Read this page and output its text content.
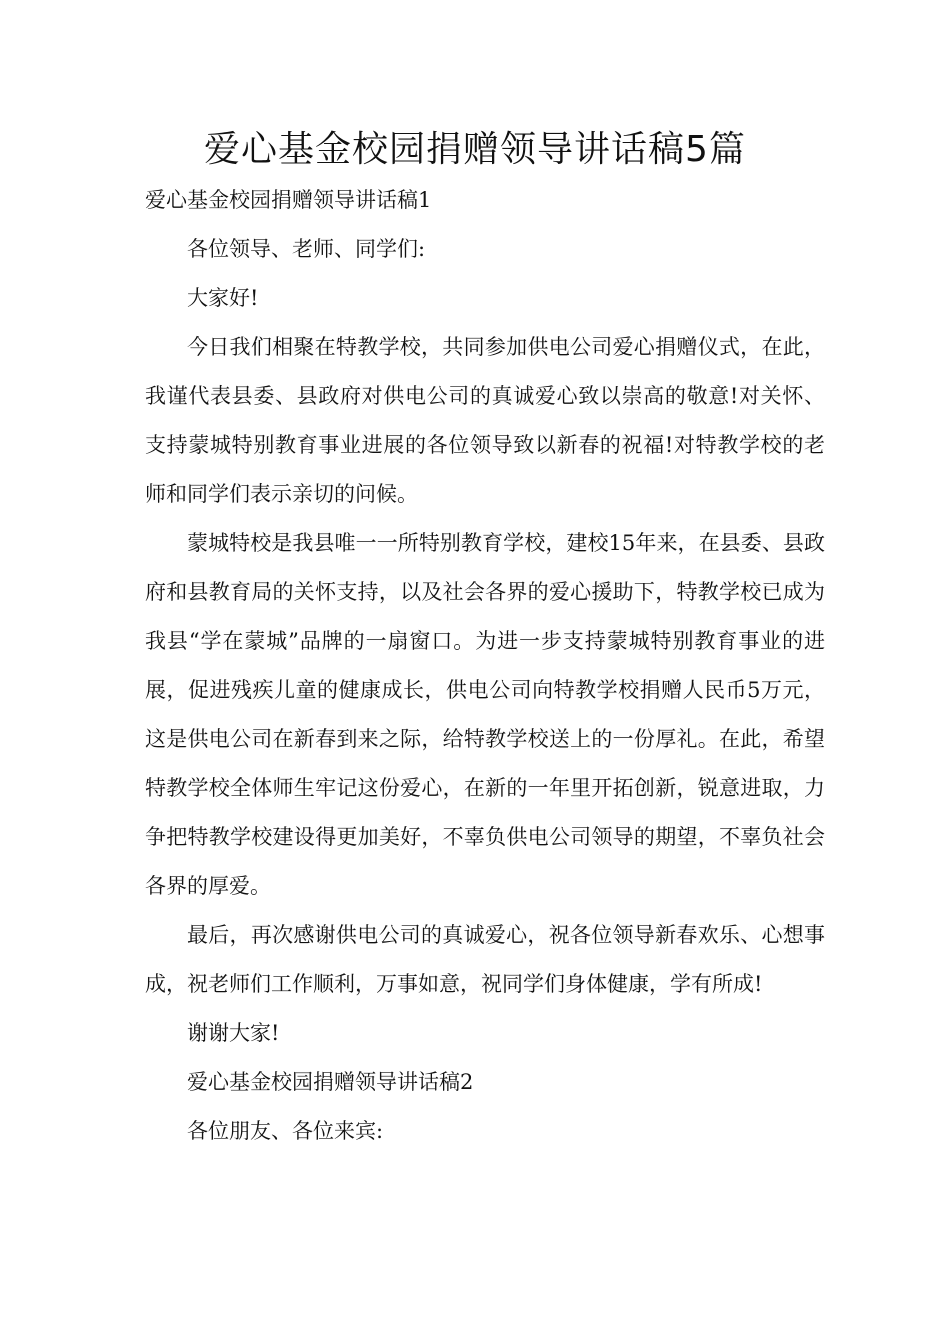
爱心基金校园捐赠领导讲话稿5篇

爱心基金校园捐赠领导讲话稿1

各位领导、老师、同学们:

大家好!

今日我们相聚在特教学校，共同参加供电公司爱心捐赠仪式，在此，我谨代表县委、县政府对供电公司的真诚爱心致以崇高的敬意!对关怀、支持蒙城特别教育事业进展的各位领导致以新春的祝福!对特教学校的老师和同学们表示亲切的问候。

蒙城特校是我县唯一一所特别教育学校，建校15年来，在县委、县政府和县教育局的关怀支持，以及社会各界的爱心援助下，特教学校已成为我县“学在蒙城”品牌的一扇窗口。为进一步支持蒙城特别教育事业的进展，促进残疾儿童的健康成长，供电公司向特教学校捐赠人民币5万元，这是供电公司在新春到来之际，给特教学校送上的一份厚礼。在此，希望特教学校全体师生牢记这份爱心，在新的一年里开拓创新，锐意进取，力争把特教学校建设得更加美好，不辜负供电公司领导的期望，不辜负社会各界的厚爱。

最后，再次感谢供电公司的真诚爱心，祝各位领导新春欢乐、心想事成，祝老师们工作顺利，万事如意，祝同学们身体健康，学有所成!

谢谢大家!

爱心基金校园捐赠领导讲话稿2

各位朋友、各位来宾:
